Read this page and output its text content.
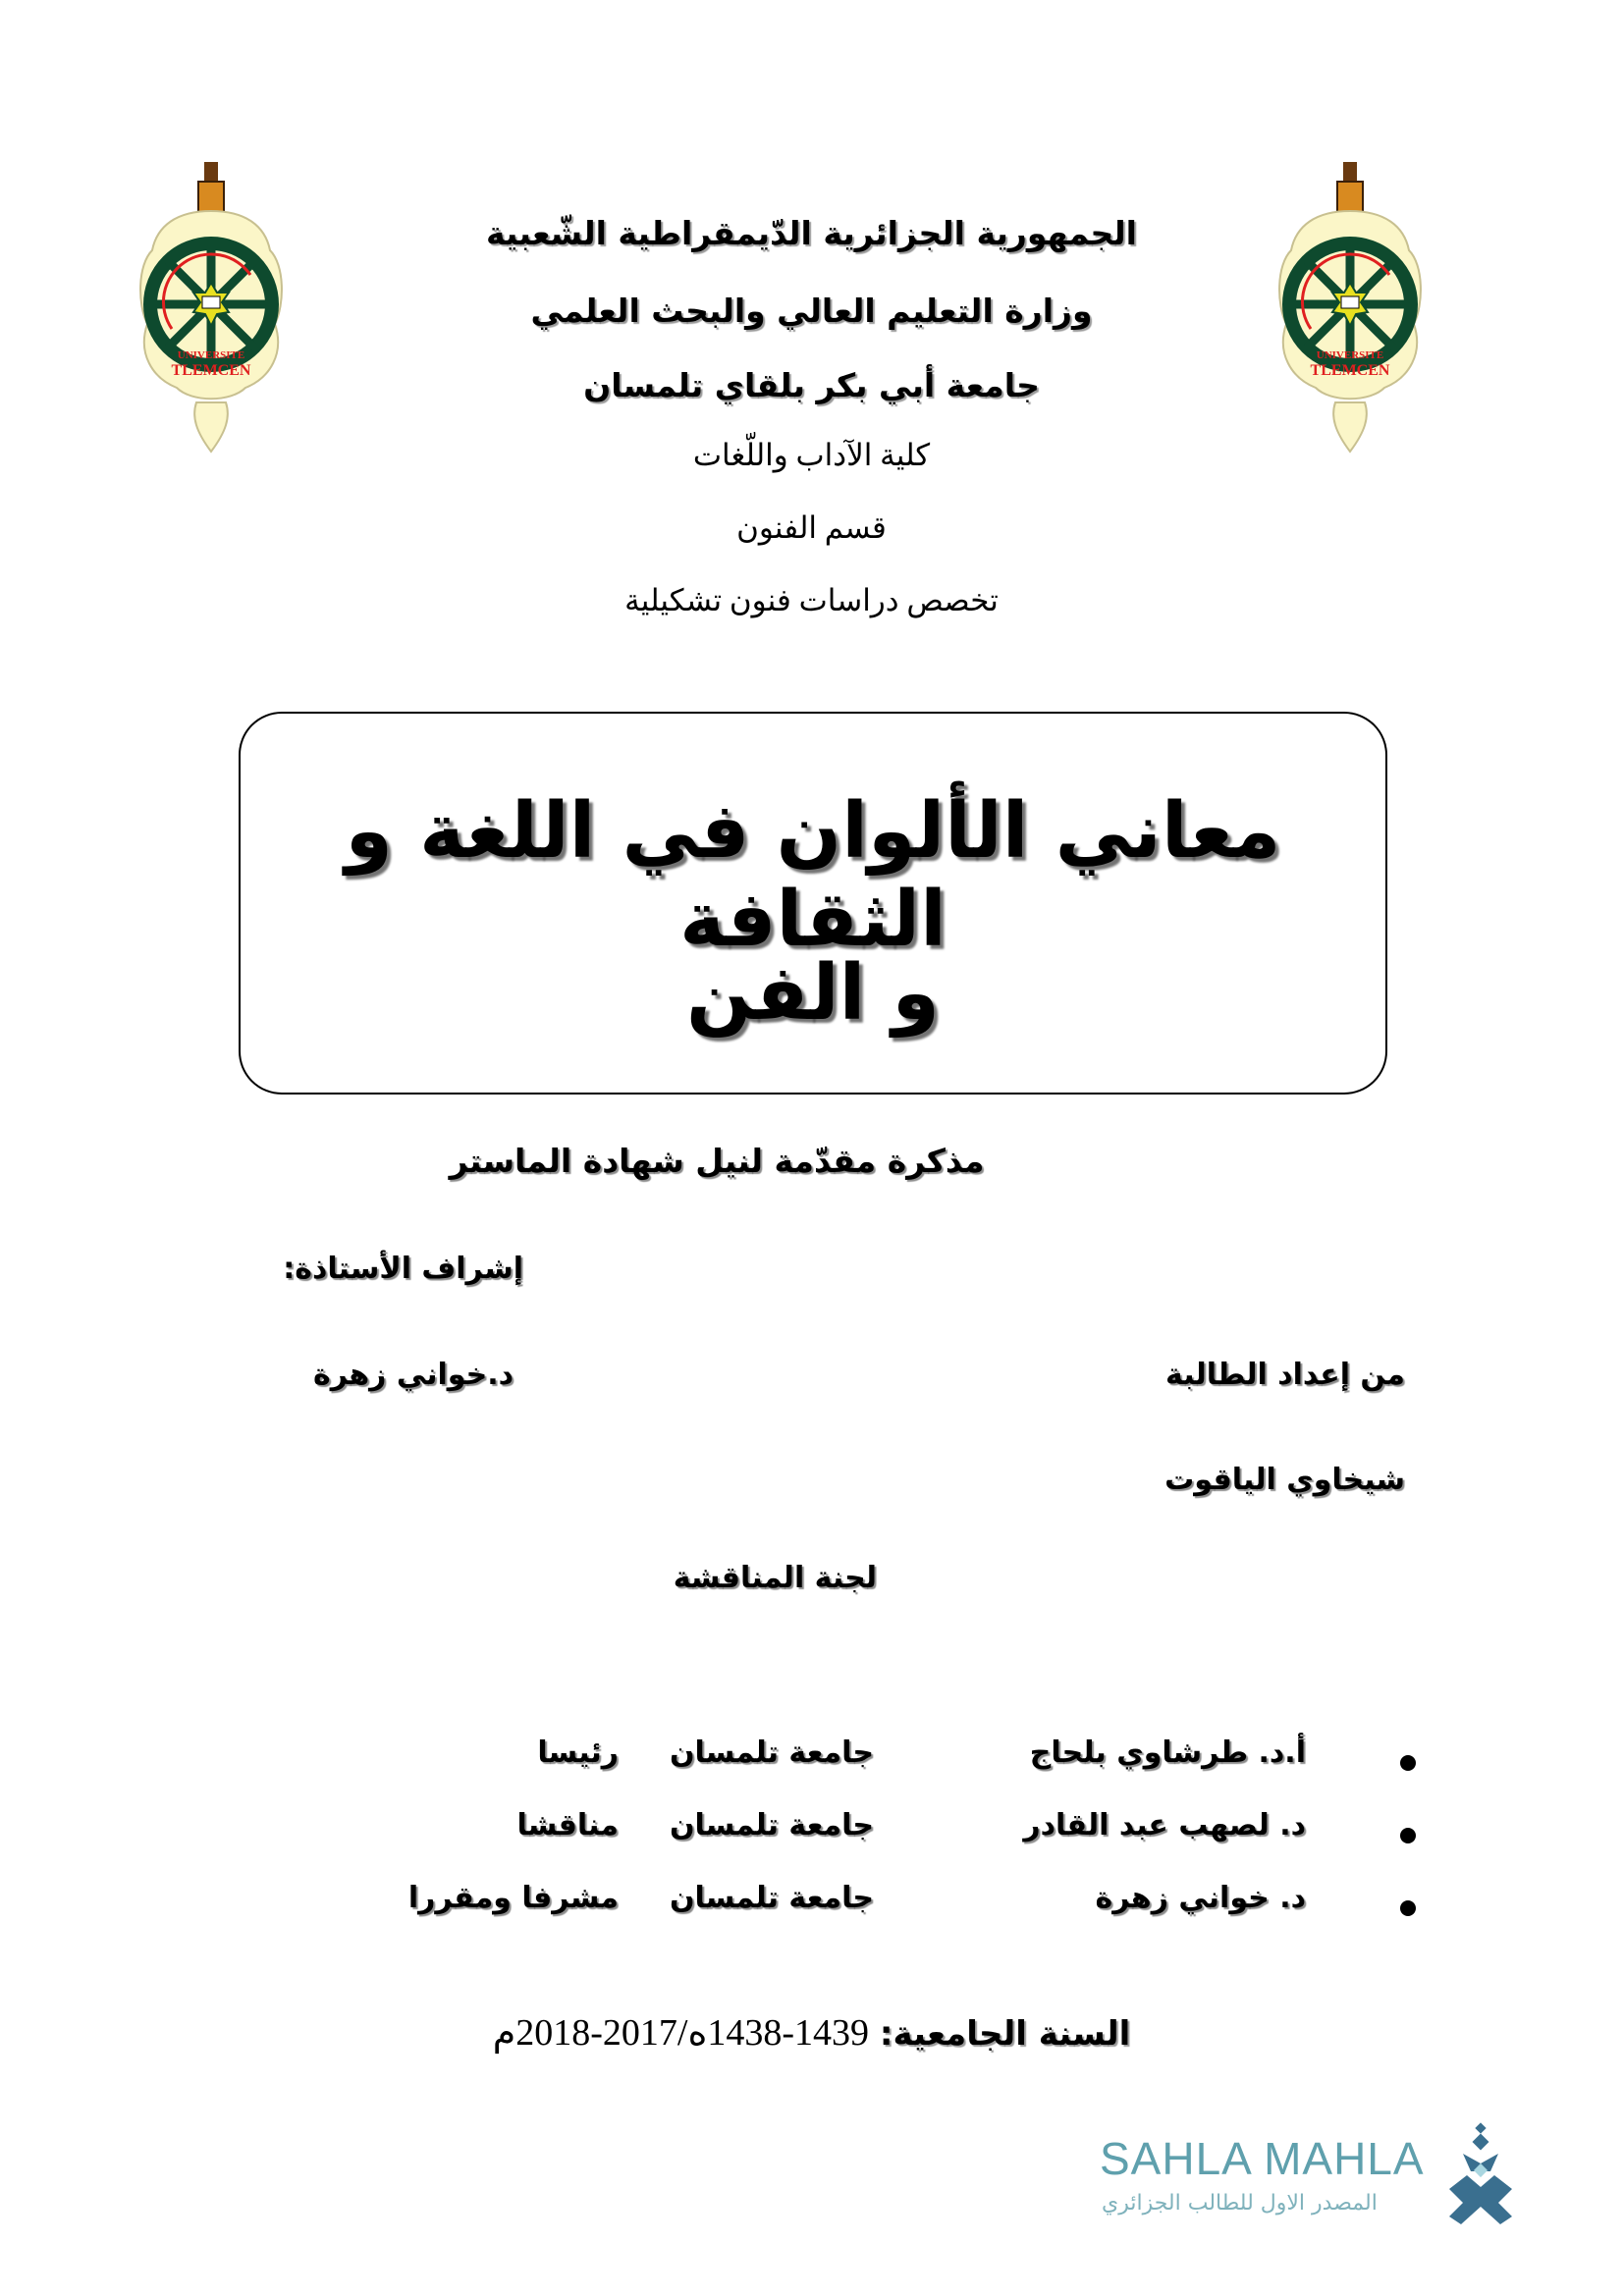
UNIVERSITE
TLEMCEN
UNIVERSITE
TLEMCEN
الجمهورية الجزائرية الدّيمقراطية الشّعبية
وزارة التعليم العالي والبحث العلمي
جامعة أبي بكر بلقاي تلمسان
كلية الآداب واللّغات
قسم الفنون
تخصص دراسات فنون تشكيلية
معاني الألوان في اللغة و الثقافة
و الفن
مذكرة مقدّمة لنيل شهادة الماستر
إشراف الأستاذة:
من إعداد الطالبة
د.خواني زهرة
شيخاوي الياقوت
لجنة المناقشة
أ.د. طرشاوي بلحاج
جامعة تلمسان
رئيسا
د. لصهب عبد القادر
جامعة تلمسان
مناقشا
د. خواني زهرة
جامعة تلمسان
مشرفا ومقررا
السنة الجامعية: 1439-1438ه/2017-2018م
SAHLA MAHLA
المصدر الاول للطالب الجزائري
